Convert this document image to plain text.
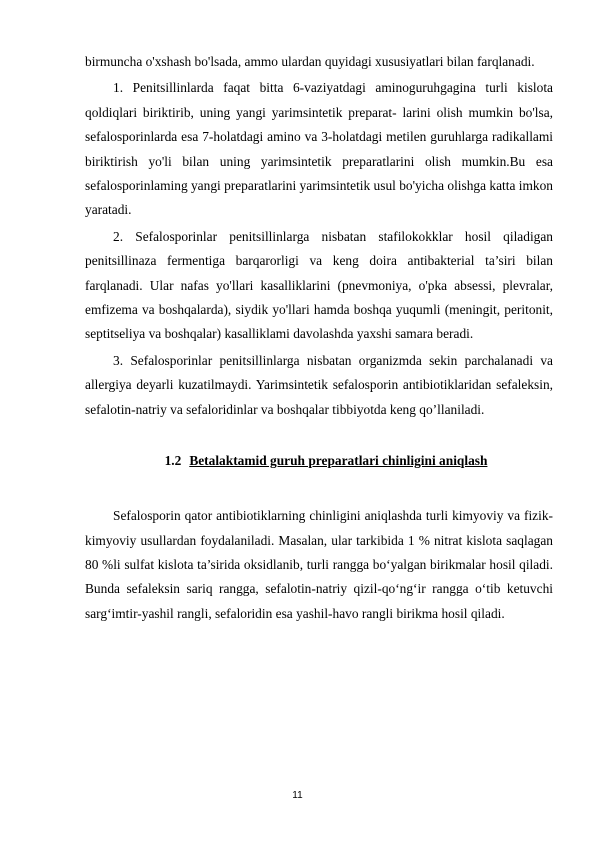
birmuncha o'xshash bo'lsada, ammo ulardan quyidagi xususiyatlari bilan farqlanadi.

1. Penitsillinlarda faqat bitta 6-vaziyatdagi aminoguruhgagina turli kislota qoldiqlari biriktirib, uning yangi yarimsintetik preparat- larini olish mumkin bo'lsa, sefalosporinlarda esa 7-holatdagi amino va 3-holatdagi metilen guruhlarga radikallami biriktirish yo'li bilan uning yarimsintetik preparatlarini olish mumkin.Bu esa sefalosporinlaming yangi preparatlarini yarimsintetik usul bo'yicha olishga katta imkon yaratadi.

2. Sefalosporinlar penitsillinlarga nisbatan stafilokokklar hosil qiladigan penitsillinaza fermentiga barqarorligi va keng doira antibakterial ta’siri bilan farqlanadi. Ular nafas yo'llari kasalliklarini (pnevmoniya, o'pka absessi, plevralar, emfizema va boshqalarda), siydik yo'llari hamda boshqa yuqumli (meningit, peritonit, septitseliya va boshqalar) kasalliklami davolashda yaxshi samara beradi.

3. Sefalosporinlar penitsillinlarga nisbatan organizmda sekin parchalanadi va allergiya deyarli kuzatilmaydi. Yarimsintetik sefalosporin antibiotiklaridan sefaleksin, sefalotin-natriy va sefaloridinlar va boshqalar tibbiyotda keng qo’llaniladi.

1.2 Betalaktamid guruh preparatlari chinligini aniqlash

Sefalosporin qator antibiotiklarning chinligini aniqlashda turli kimyoviy va fizik-kimyoviy usullardan foydalaniladi. Masalan, ular tarkibida 1 % nitrat kislota saqlagan 80 %li sulfat kislota ta’sirida oksidlanib, turli rangga bo‘yalgan birikmalar hosil qiladi. Bunda sefaleksin sariq rangga, sefalotin-natriy qizil-qo‘ng‘ir rangga o‘tib ketuvchi sarg‘imtir-yashil rangli, sefaloridin esa yashil-havo rangli birikma hosil qiladi.

11
